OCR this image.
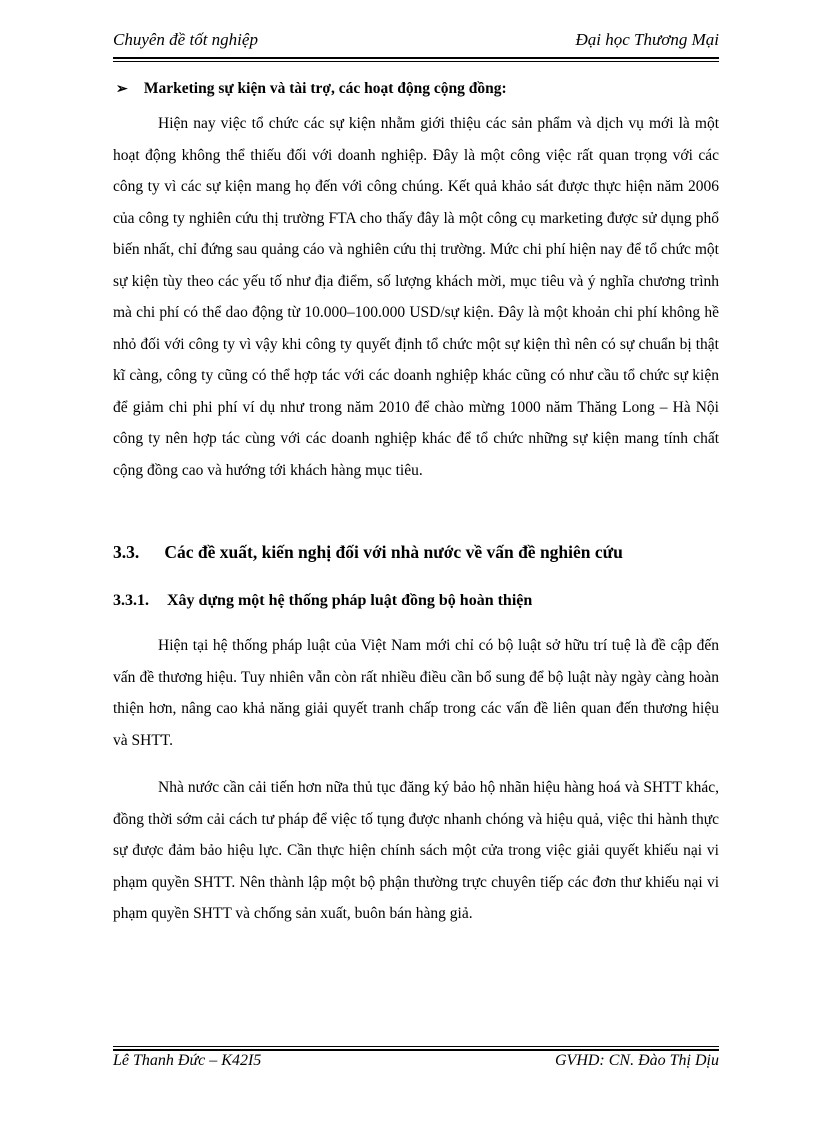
Chuyên đề tốt nghiệp	Đại học Thương Mại
➢ Marketing sự kiện và tài trợ, các hoạt động cộng đồng:

Hiện nay việc tổ chức các sự kiện nhằm giới thiệu các sản phẩm và dịch vụ mới là một hoạt động không thể thiếu đối với doanh nghiệp. Đây là một công việc rất quan trọng với các công ty vì các sự kiện mang họ đến với công chúng. Kết quả khảo sát được thực hiện năm 2006 của công ty nghiên cứu thị trường FTA cho thấy đây là một công cụ marketing được sử dụng phổ biến nhất, chỉ đứng sau quảng cáo và nghiên cứu thị trường. Mức chi phí hiện nay để tổ chức một sự kiện tùy theo các yếu tố như địa điểm, số lượng khách mời, mục tiêu và ý nghĩa chương trình mà chi phí có thể dao động từ 10.000–100.000 USD/sự kiện. Đây là một khoản chi phí không hề nhỏ đối với công ty vì vậy khi công ty quyết định tổ chức một sự kiện thì nên có sự chuẩn bị thật kĩ càng, công ty cũng có thể hợp tác với các doanh nghiệp khác cũng có như cầu tổ chức sự kiện để giảm chi phi phí ví dụ như trong năm 2010 để chào mừng 1000 năm Thăng Long – Hà Nội công ty nên hợp tác cùng với các doanh nghiệp khác để tổ chức những sự kiện mang tính chất cộng đồng cao và hướng tới khách hàng mục tiêu.

3.3. Các đề xuất, kiến nghị đối với nhà nước về vấn đề nghiên cứu
3.3.1. Xây dựng một hệ thống pháp luật đồng bộ hoàn thiện

Hiện tại hệ thống pháp luật của Việt Nam mới chỉ có bộ luật sở hữu trí tuệ là đề cập đến vấn đề thương hiệu. Tuy nhiên vẫn còn rất nhiều điều cần bổ sung để bộ luật này ngày càng hoàn thiện hơn, nâng cao khả năng giải quyết tranh chấp trong các vấn đề liên quan đến thương hiệu và SHTT.

Nhà nước cần cải tiến hơn nữa thủ tục đăng ký bảo hộ nhãn hiệu hàng hoá và SHTT khác, đồng thời sớm cải cách tư pháp để việc tố tụng được nhanh chóng và hiệu quả, việc thi hành thực sự được đảm bảo hiệu lực. Cần thực hiện chính sách một cửa trong việc giải quyết khiếu nại vi phạm quyền SHTT. Nên thành lập một bộ phận thường trực chuyên tiếp các đơn thư khiếu nại vi phạm quyền SHTT và chống sản xuất, buôn bán hàng giả.

Lê Thanh Đức – K42I5	GVHD: CN. Đào Thị Dịu
